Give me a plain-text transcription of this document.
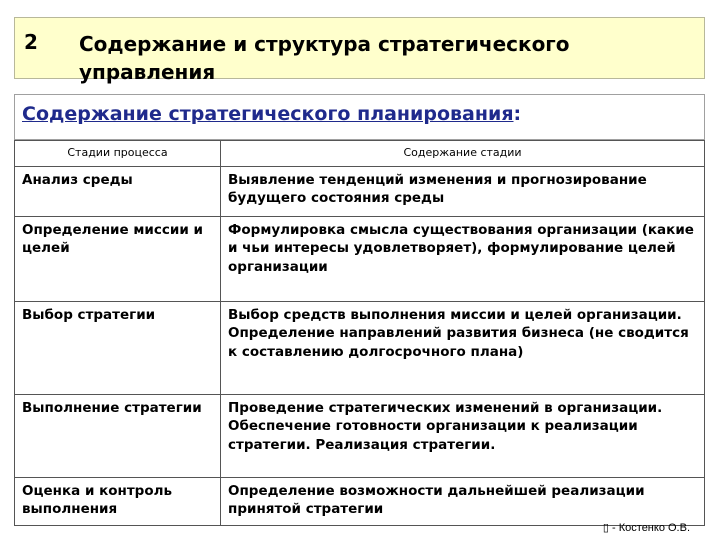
2 Содержание и структура стратегического управления
Содержание стратегического планирования:
Стадии процесса	Содержание стадии
Анализ среды	Выявление тенденций изменения и прогнозирование будущего состояния среды
Определение миссии и целей	Формулировка смысла существования организации (какие и чьи интересы удовлетворяет), формулирование целей организации
Выбор стратегии	Выбор средств выполнения миссии и целей организации. Определение направлений развития бизнеса (не сводится к составлению долгосрочного плана)
Выполнение стратегии	Проведение стратегических изменений в организации. Обеспечение готовности организации к реализации стратегии. Реализация стратегии.
Оценка и контроль выполнения	Определение возможности дальнейшей реализации принятой стратегии
▯ - Костенко О.В.
